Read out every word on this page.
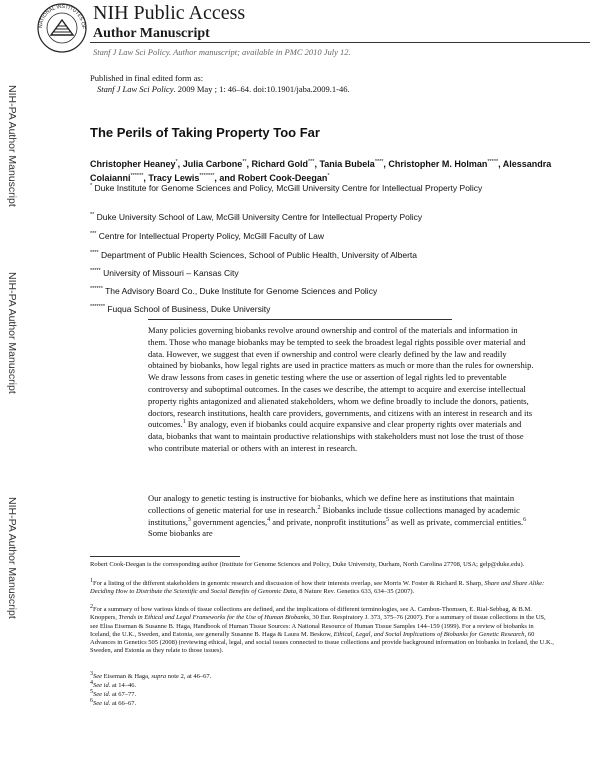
NATIONAL INSTITUTES OF
NIH Public Access
Author Manuscript
Stanf J Law Sci Policy. Author manuscript; available in PMC 2010 July 12.
NIH-PA Author Manuscript
NIH-PA Author Manuscript
NIH-PA Author Manuscript
Published in final edited form as:
Stanf J Law Sci Policy. 2009 May ; 1: 46–64. doi:10.1901/jaba.2009.1-46.
The Perils of Taking Property Too Far
Christopher Heaney*, Julia Carbone**, Richard Gold***, Tania Bubela****, Christopher M. Holman*****, Alessandra Colaianni******, Tracy Lewis*******, and Robert Cook-Deegan*
* Duke Institute for Genome Sciences and Policy, McGill University Centre for Intellectual Property Policy
** Duke University School of Law, McGill University Centre for Intellectual Property Policy
*** Centre for Intellectual Property Policy, McGill Faculty of Law
**** Department of Public Health Sciences, School of Public Health, University of Alberta
***** University of Missouri – Kansas City
****** The Advisory Board Co., Duke Institute for Genome Sciences and Policy
******* Fuqua School of Business, Duke University

Many policies governing biobanks revolve around ownership and control of the materials and information in them. Those who manage biobanks may be tempted to seek the broadest legal rights possible over material and data. However, we suggest that even if ownership and control were clearly defined by the law and readily obtained by biobanks, how legal rights are used in practice matters as much or more than the rules for ownership. We draw lessons from cases in genetic testing where the use or assertion of legal rights led to preventable controversy and suboptimal outcomes. In the cases we describe, the attempt to acquire and exercise intellectual property rights antagonized and alienated stakeholders, whom we define broadly to include the donors, patients, doctors, research institutions, health care providers, governments, and citizens with an interest in research and its outcomes.$^1$ By analogy, even if biobanks could acquire expansive and clear property rights over materials and data, biobanks that want to maintain productive relationships with stakeholders must not lose the trust of those who contribute material or others with an interest in research.

Our analogy to genetic testing is instructive for biobanks, which we define here as institutions that maintain collections of genetic material for use in research.$^2$ Biobanks include tissue collections managed by academic institutions,$^3$ government agencies,$^4$ and private, nonprofit institutions$^5$ as well as private, commercial entities.$^6$ Some biobanks are

Robert Cook-Deegan is the corresponding author (Institute for Genome Sciences and Policy, Duke University, Durham, North Carolina 27708, USA; gelp@duke.edu).

1For a listing of the different stakeholders in genomic research and discussion of how their interests overlap, see Morris W. Foster & Richard R. Sharp, Share and Share Alike: Deciding How to Distribute the Scientific and Social Benefits of Genomic Data, 8 Nature Rev. Genetics 633, 634–35 (2007).

2For a summary of how various kinds of tissue collections are defined, and the implications of different terminologies, see A. Cambon-Thomsen, E. Rial-Sebbag, & B.M. Knoppers, Trends in Ethical and Legal Frameworks for the Use of Human Biobanks, 30 Eur. Respiratory J. 373, 375–76 (2007). For a summary of tissue collections in the US, see Elisa Eiseman & Susanne B. Haga, Handbook of Human Tissue Sources: A National Resource of Human Tissue Samples 144–159 (1999). For a review of biobanks in Iceland, the U.K., Sweden, and Estonia, see generally Susanne B. Haga & Laura M. Beskow, Ethical, Legal, and Social Implications of Biobanks for Genetic Research, 60 Advances in Genetics 505 (2008) (reviewing ethical, legal, and social issues connected to tissue collections and provide background information on biobanks in Iceland, the U.K., Sweden, and Estonia as they relate to those issues).

3See Eiseman & Haga, supra note 2, at 46–67.

4See id. at 14–46.

5See id. at 67–77.

6See id. at 66–67.
